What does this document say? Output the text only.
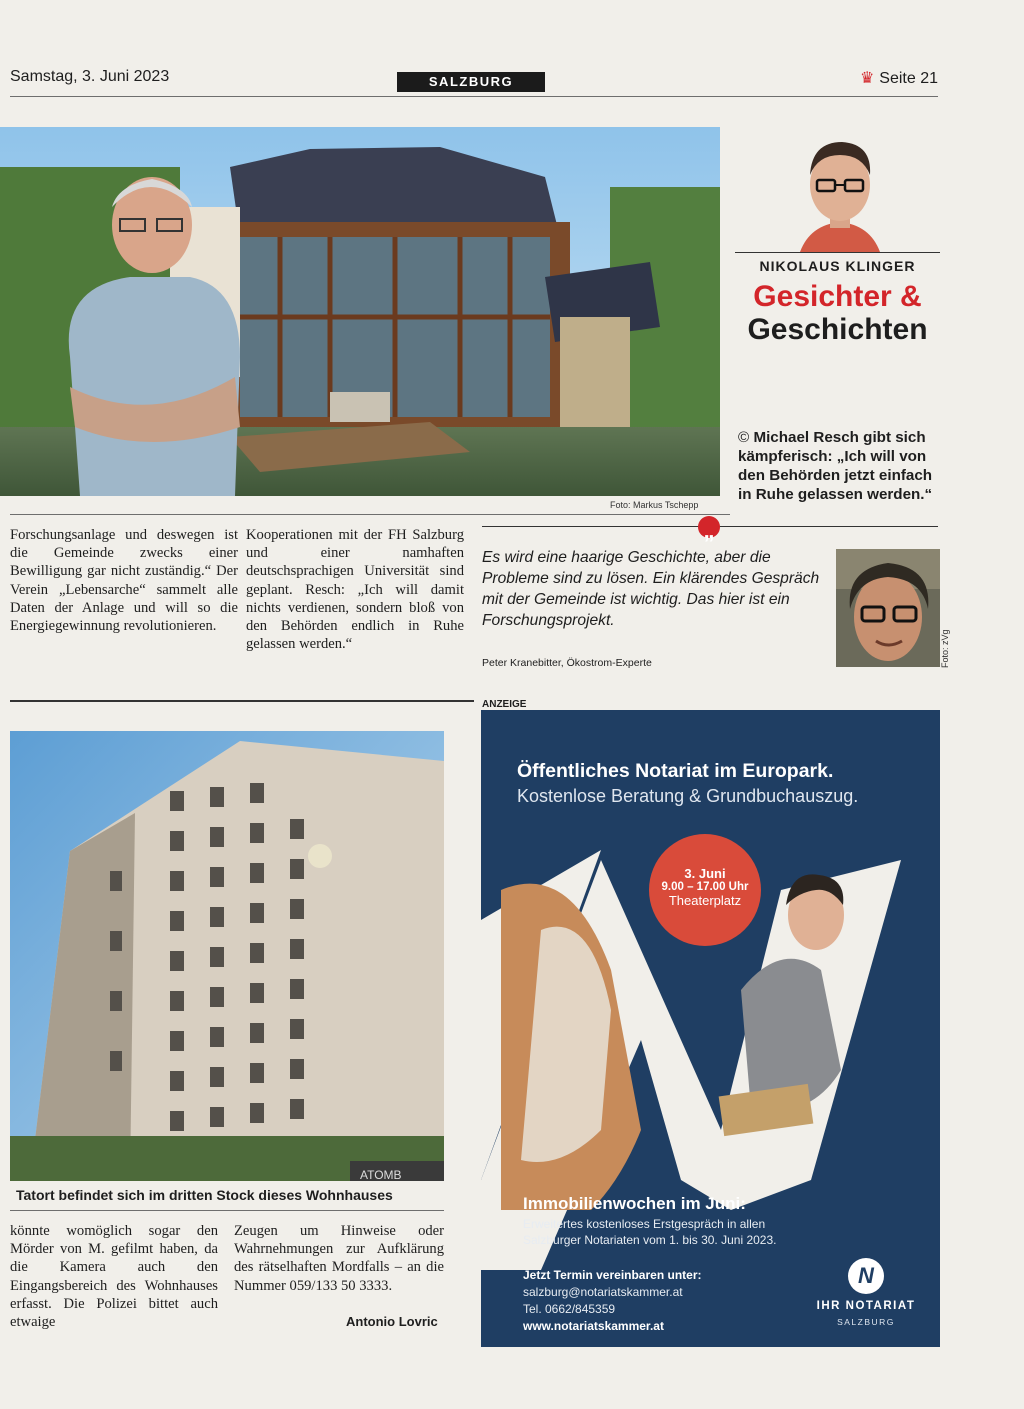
Samstag, 3. Juni 2023	SALZBURG	♛ Seite 21
Foto: Markus Tschepp
NIKOLAUS KLINGER
Gesichter &
Geschichten
© Michael Resch gibt sich kämpferisch: „Ich will von den Behörden jetzt einfach in Ruhe gelassen werden.“

Forschungsanlage und deswegen ist die Gemeinde zwecks einer Bewilligung gar nicht zuständig.“ Der Verein „Lebensarche“ sammelt alle Daten der Anlage und will so die Energiegewinnung revolutionieren.

Kooperationen mit der FH Salzburg und einer namhaften deutschsprachigen Universität sind geplant. Resch: „Ich will damit nichts verdienen, sondern bloß von den Behörden endlich in Ruhe gelassen werden.“

„
Es wird eine haarige Geschichte, aber die Probleme sind zu lösen. Ein klärendes Gespräch mit der Gemeinde ist wichtig. Das hier ist ein Forschungsprojekt.
Peter Kranebitter, Ökostrom-Experte	Foto: zVg
ATOMB
Tatort befindet sich im dritten Stock dieses Wohnhauses

könnte womöglich sogar den Mörder von M. gefilmt haben, da die Kamera auch den Eingangsbereich des Wohnhauses erfasst. Die Polizei bittet auch etwaige

Zeugen um Hinweise oder Wahrnehmungen zur Aufklärung des rätselhaften Mordfalls – an die Nummer 059/133 50 3333.

Antonio Lovric
ANZEIGE
Öffentliches Notariat im Europark.
Kostenlose Beratung & Grundbuchauszug.
3. Juni
9.00 – 17.00 Uhr
Theaterplatz
Immobilienwochen im Juni:
Erweitertes kostenloses Erstgespräch in allen
Salzburger Notariaten vom 1. bis 30. Juni 2023.
Jetzt Termin vereinbaren unter:
salzburg@notariatskammer.at
Tel. 0662/845359
www.notariatskammer.at
N
IHR NOTARIAT
SALZBURG
